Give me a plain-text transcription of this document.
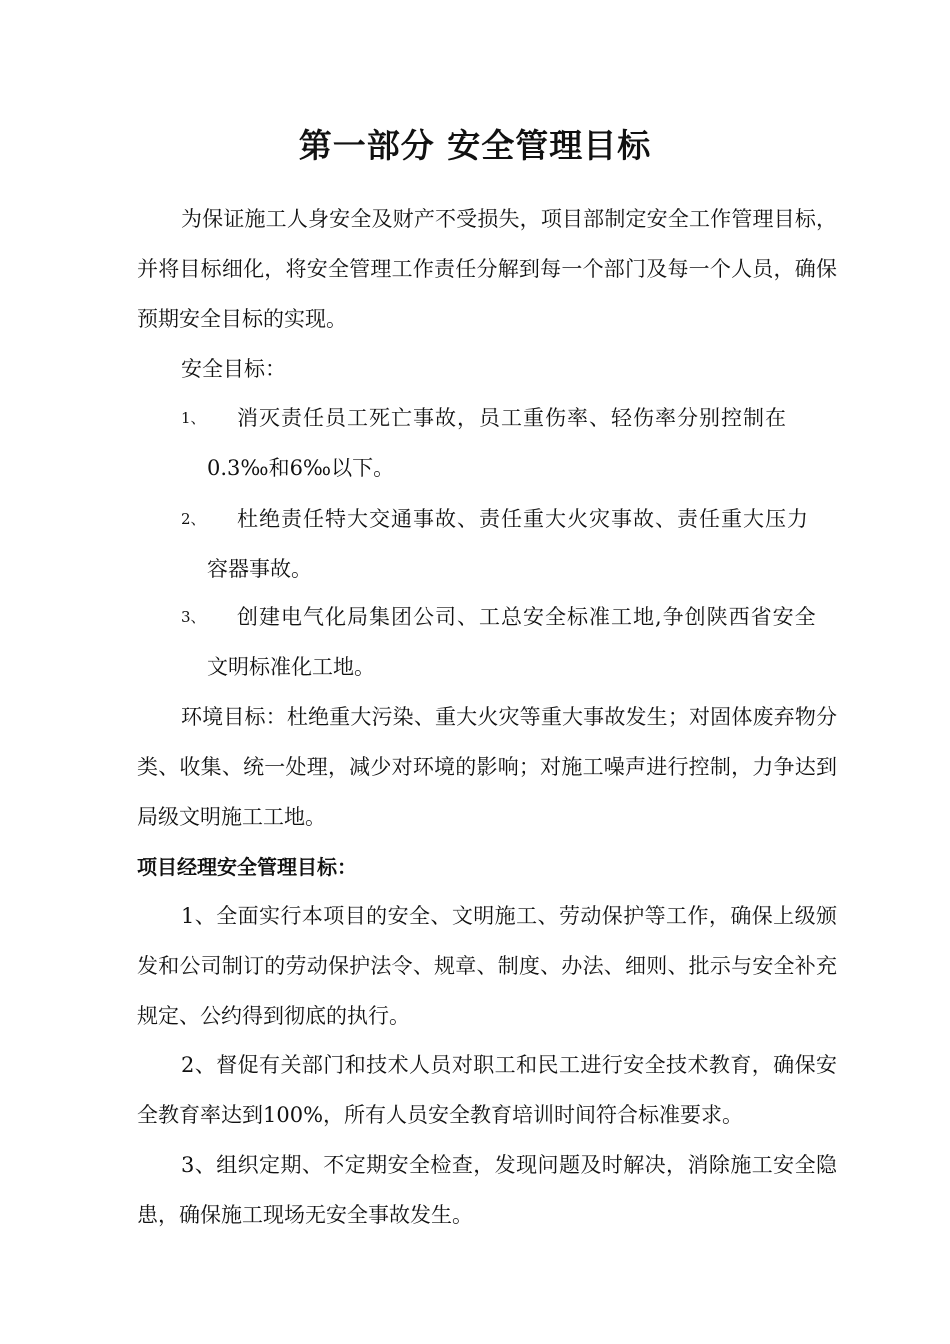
第一部分 安全管理目标

为保证施工人身安全及财产不受损失，项目部制定安全工作管理目标，并将目标细化，将安全管理工作责任分解到每一个部门及每一个人员，确保预期安全目标的实现。

安全目标：

1、	消灭责任员工死亡事故，员工重伤率、轻伤率分别控制在
0.3‰和6‰以下。
2、	杜绝责任特大交通事故、责任重大火灾事故、责任重大压力
容器事故。
3、	创建电气化局集团公司、工总安全标准工地,争创陕西省安全
文明标准化工地。

环境目标：杜绝重大污染、重大火灾等重大事故发生；对固体废弃物分类、收集、统一处理，减少对环境的影响；对施工噪声进行控制，力争达到局级文明施工工地。

项目经理安全管理目标：

1、全面实行本项目的安全、文明施工、劳动保护等工作，确保上级颁发和公司制订的劳动保护法令、规章、制度、办法、细则、批示与安全补充规定、公约得到彻底的执行。

2、督促有关部门和技术人员对职工和民工进行安全技术教育，确保安全教育率达到100%，所有人员安全教育培训时间符合标准要求。

3、组织定期、不定期安全检查，发现问题及时解决，消除施工安全隐患，确保施工现场无安全事故发生。
